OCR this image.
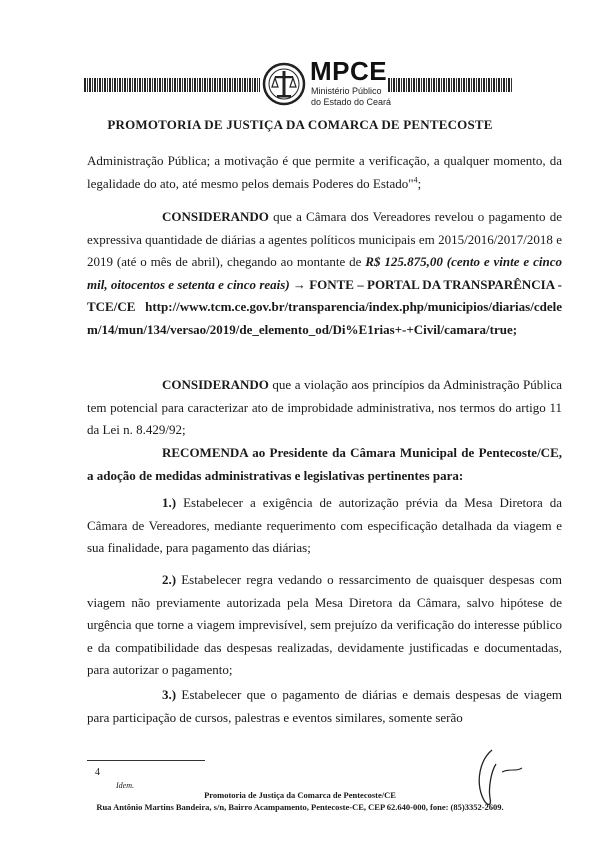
MPCE
Ministério Público
do Estado do Ceará
PROMOTORIA DE JUSTIÇA DA COMARCA DE PENTECOSTE
Administração Pública; a motivação é que permite a verificação, a qualquer momento, da legalidade do ato, até mesmo pelos demais Poderes do Estado"$^4$;
CONSIDERANDO que a Câmara dos Vereadores revelou o pagamento de expressiva quantidade de diárias a agentes políticos municipais em 2015/2016/2017/2018 e 2019 (até o mês de abril), chegando ao montante de R$ 125.875,00 (cento e vinte e cinco mil, oitocentos e setenta e cinco reais) → FONTE – PORTAL DA TRANSPARÊNCIA - TCE/CE http://www.tcm.ce.gov.br/transparencia/index.php/municipios/diarias/cdelem/14/mun/134/versao/2019/de_elemento_od/Di%E1rias+-+Civil/camara/true;
CONSIDERANDO que a violação aos princípios da Administração Pública tem potencial para caracterizar ato de improbidade administrativa, nos termos do artigo 11 da Lei n. 8.429/92;
RECOMENDA ao Presidente da Câmara Municipal de Pentecoste/CE, a adoção de medidas administrativas e legislativas pertinentes para:
1.) Estabelecer a exigência de autorização prévia da Mesa Diretora da Câmara de Vereadores, mediante requerimento com especificação detalhada da viagem e sua finalidade, para pagamento das diárias;
2.) Estabelecer regra vedando o ressarcimento de quaisquer despesas com viagem não previamente autorizada pela Mesa Diretora da Câmara, salvo hipótese de urgência que torne a viagem imprevisível, sem prejuízo da verificação do interesse público e da compatibilidade das despesas realizadas, devidamente justificadas e documentadas, para autorizar o pagamento;
3.) Estabelecer que o pagamento de diárias e demais despesas de viagem para participação de cursos, palestras e eventos similares, somente serão
4
Idem.
Promotoria de Justiça da Comarca de Pentecoste/CE
Rua Antônio Martins Bandeira, s/n, Bairro Acampamento, Pentecoste-CE, CEP 62.640-000, fone: (85)3352-2609.
